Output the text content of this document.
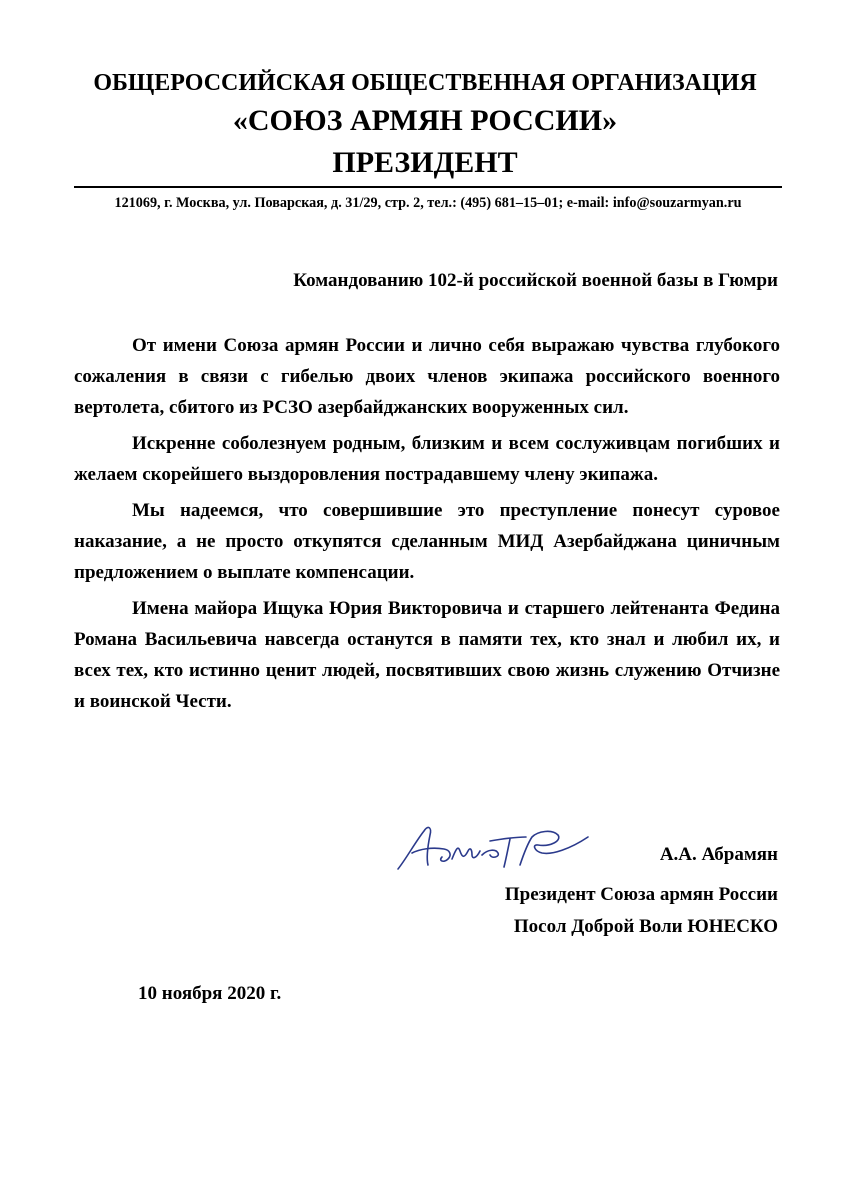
ОБЩЕРОССИЙСКАЯ ОБЩЕСТВЕННАЯ ОРГАНИЗАЦИЯ
«СОЮЗ АРМЯН РОССИИ»
ПРЕЗИДЕНТ
121069, г. Москва, ул. Поварская, д. 31/29, стр. 2, тел.: (495) 681–15–01; e-mail: info@souzarmyan.ru
Командованию 102-й российской военной базы в Гюмри

От имени Союза армян России и лично себя выражаю чувства глубокого сожаления в связи с гибелью двоих членов экипажа российского военного вертолета, сбитого из РСЗО азербайджанских вооруженных сил.

Искренне соболезнуем родным, близким и всем сослуживцам погибших и желаем скорейшего выздоровления пострадавшему члену экипажа.

Мы надеемся, что совершившие это преступление понесут суровое наказание, а не просто откупятся сделанным МИД Азербайджана циничным предложением о выплате компенсации.

Имена майора Ищука Юрия Викторовича и старшего лейтенанта Федина Романа Васильевича навсегда останутся в памяти тех, кто знал и любил их, и всех тех, кто истинно ценит людей, посвятивших свою жизнь служению Отчизне и воинской Чести.

А.А. Абрамян
Президент Союза армян России
Посол Доброй Воли ЮНЕСКО
10 ноября 2020 г.
